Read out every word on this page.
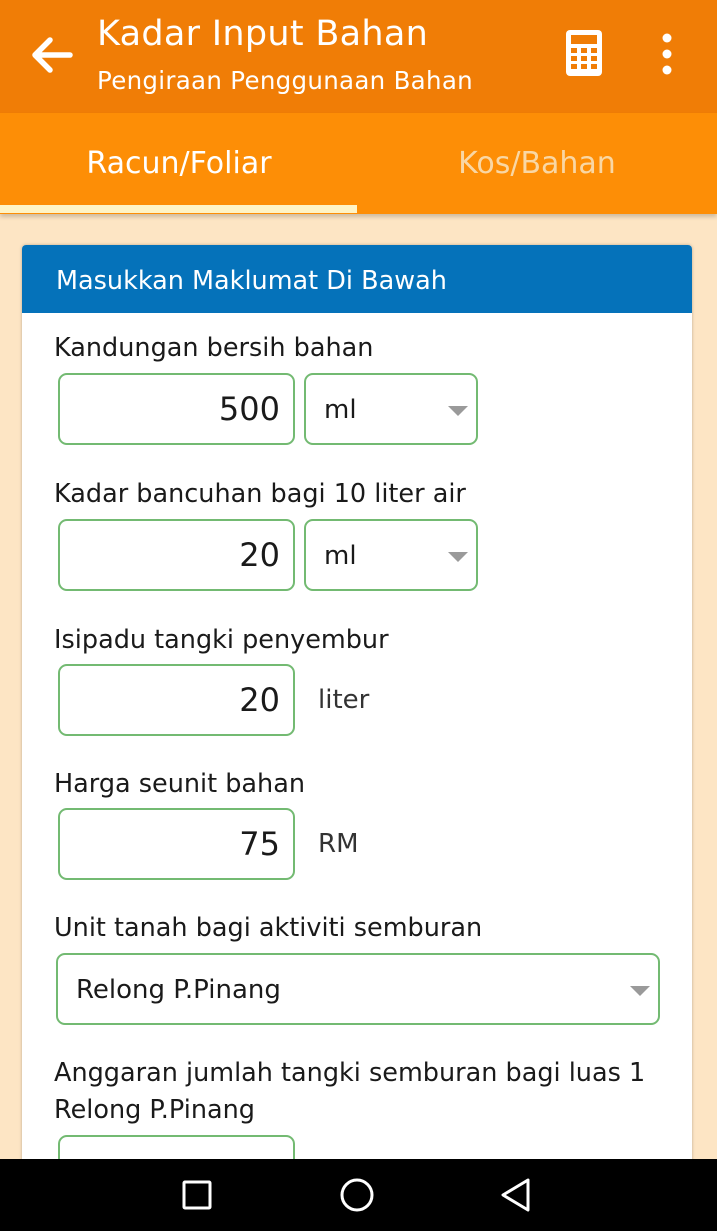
Kadar Input Bahan
Pengiraan Penggunaan Bahan
Racun/Foliar	Kos/Bahan
Masukkan Maklumat Di Bawah
Kandungan bersih bahan
500	ml
Kadar bancuhan bagi 10 liter air
20	ml
Isipadu tangki penyembur
20	liter
Harga seunit bahan
75	RM
Unit tanah bagi aktiviti semburan
Relong P.Pinang
Anggaran jumlah tangki semburan bagi luas 1 Relong P.Pinang
